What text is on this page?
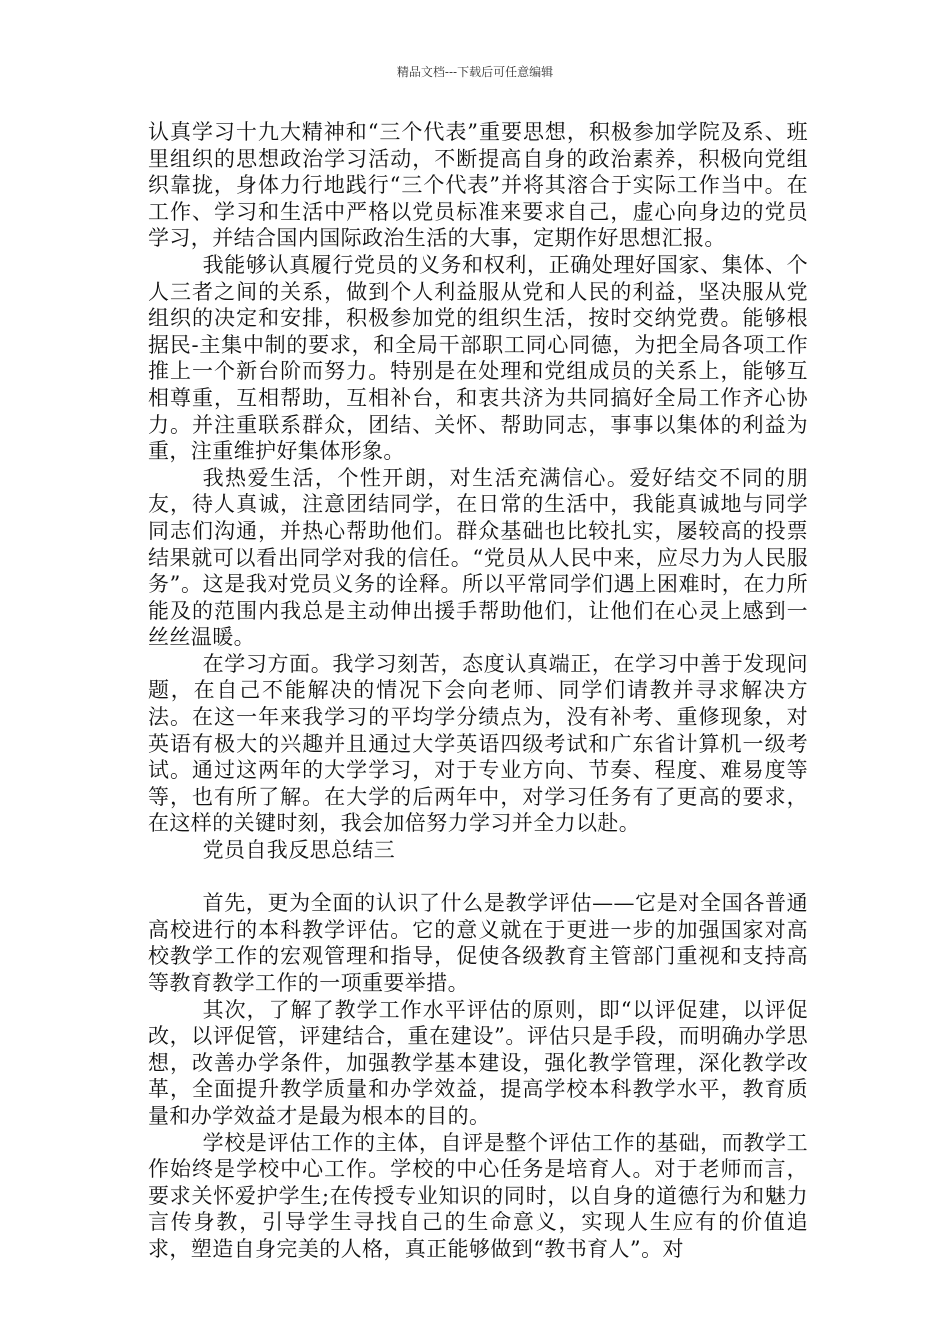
精品文档---下载后可任意编辑

认真学习十九大精神和“三个代表”重要思想，积极参加学院及系、班里组织的思想政治学习活动，不断提高自身的政治素养，积极向党组织靠拢，身体力行地践行“三个代表”并将其溶合于实际工作当中。在工作、学习和生活中严格以党员标准来要求自己，虚心向身边的党员学习，并结合国内国际政治生活的大事，定期作好思想汇报。

我能够认真履行党员的义务和权利，正确处理好国家、集体、个人三者之间的关系，做到个人利益服从党和人民的利益，坚决服从党组织的决定和安排，积极参加党的组织生活，按时交纳党费。能够根据民-主集中制的要求，和全局干部职工同心同德，为把全局各项工作推上一个新台阶而努力。特别是在处理和党组成员的关系上，能够互相尊重，互相帮助，互相补台，和衷共济为共同搞好全局工作齐心协力。并注重联系群众，团结、关怀、帮助同志，事事以集体的利益为重，注重维护好集体形象。

我热爱生活，个性开朗，对生活充满信心。爱好结交不同的朋友，待人真诚，注意团结同学，在日常的生活中，我能真诚地与同学同志们沟通，并热心帮助他们。群众基础也比较扎实，屡较高的投票结果就可以看出同学对我的信任。“党员从人民中来，应尽力为人民服务”。这是我对党员义务的诠释。所以平常同学们遇上困难时，在力所能及的范围内我总是主动伸出援手帮助他们，让他们在心灵上感到一丝丝温暖。

在学习方面。我学习刻苦，态度认真端正，在学习中善于发现问题，在自己不能解决的情况下会向老师、同学们请教并寻求解决方法。在这一年来我学习的平均学分绩点为，没有补考、重修现象，对英语有极大的兴趣并且通过大学英语四级考试和广东省计算机一级考试。通过这两年的大学学习，对于专业方向、节奏、程度、难易度等等，也有所了解。在大学的后两年中，对学习任务有了更高的要求，在这样的关键时刻，我会加倍努力学习并全力以赴。

党员自我反思总结三

首先，更为全面的认识了什么是教学评估——它是对全国各普通高校进行的本科教学评估。它的意义就在于更进一步的加强国家对高校教学工作的宏观管理和指导，促使各级教育主管部门重视和支持高等教育教学工作的一项重要举措。

其次，了解了教学工作水平评估的原则，即“以评促建，以评促改，以评促管，评建结合，重在建设”。评估只是手段，而明确办学思想，改善办学条件，加强教学基本建设，强化教学管理，深化教学改革，全面提升教学质量和办学效益，提高学校本科教学水平，教育质量和办学效益才是最为根本的目的。

学校是评估工作的主体，自评是整个评估工作的基础，而教学工作始终是学校中心工作。学校的中心任务是培育人。对于老师而言，要求关怀爱护学生;在传授专业知识的同时，以自身的道德行为和魅力言传身教，引导学生寻找自己的生命意义，实现人生应有的价值追求，塑造自身完美的人格，真正能够做到“教书育人”。对
